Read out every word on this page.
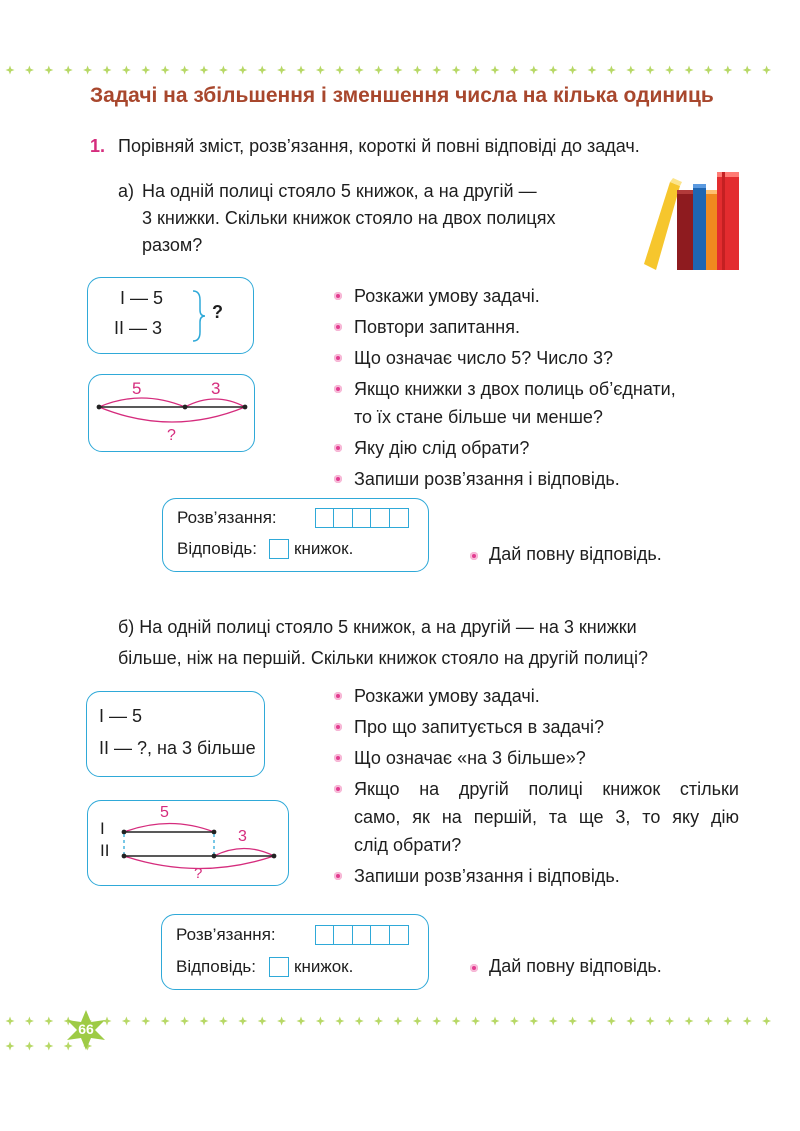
Задачі на збільшення і зменшення числа на кілька одиниць
1. Порівняй зміст, розв’язання, короткі й повні відповіді до задач.
а) На одній полиці стояло 5 книжок, а на другій —
3 книжки. Скільки книжок стояло на двох полицях
разом?
I — 5
II — 3
?
5	3
?
Розкажи умову задачі.
Повтори запитання.
Що означає число 5? Число 3?
Якщо книжки з двох полиць об’єднати,
то їх стане більше чи менше?
Яку дію слід обрати?
Запиши розв’язання і відповідь.
Розв’язання:
Відповідь: книжок.	Дай повну відповідь.
б) На одній полиці стояло 5 книжок, а на другій — на 3 книжки
більше, ніж на першій. Скільки книжок стояло на другій полиці?
I — 5
II — ?, на 3 більше
I
II
5
3
?
Розкажи умову задачі.
Про що запитується в задачі?
Що означає «на 3 більше»?
Якщо на другій полиці книжок стільки
само, як на першій, та ще 3, то яку дію
слід обрати?
Запиши розв’язання і відповідь.
Розв’язання:
Відповідь: книжок.	Дай повну відповідь.
66
